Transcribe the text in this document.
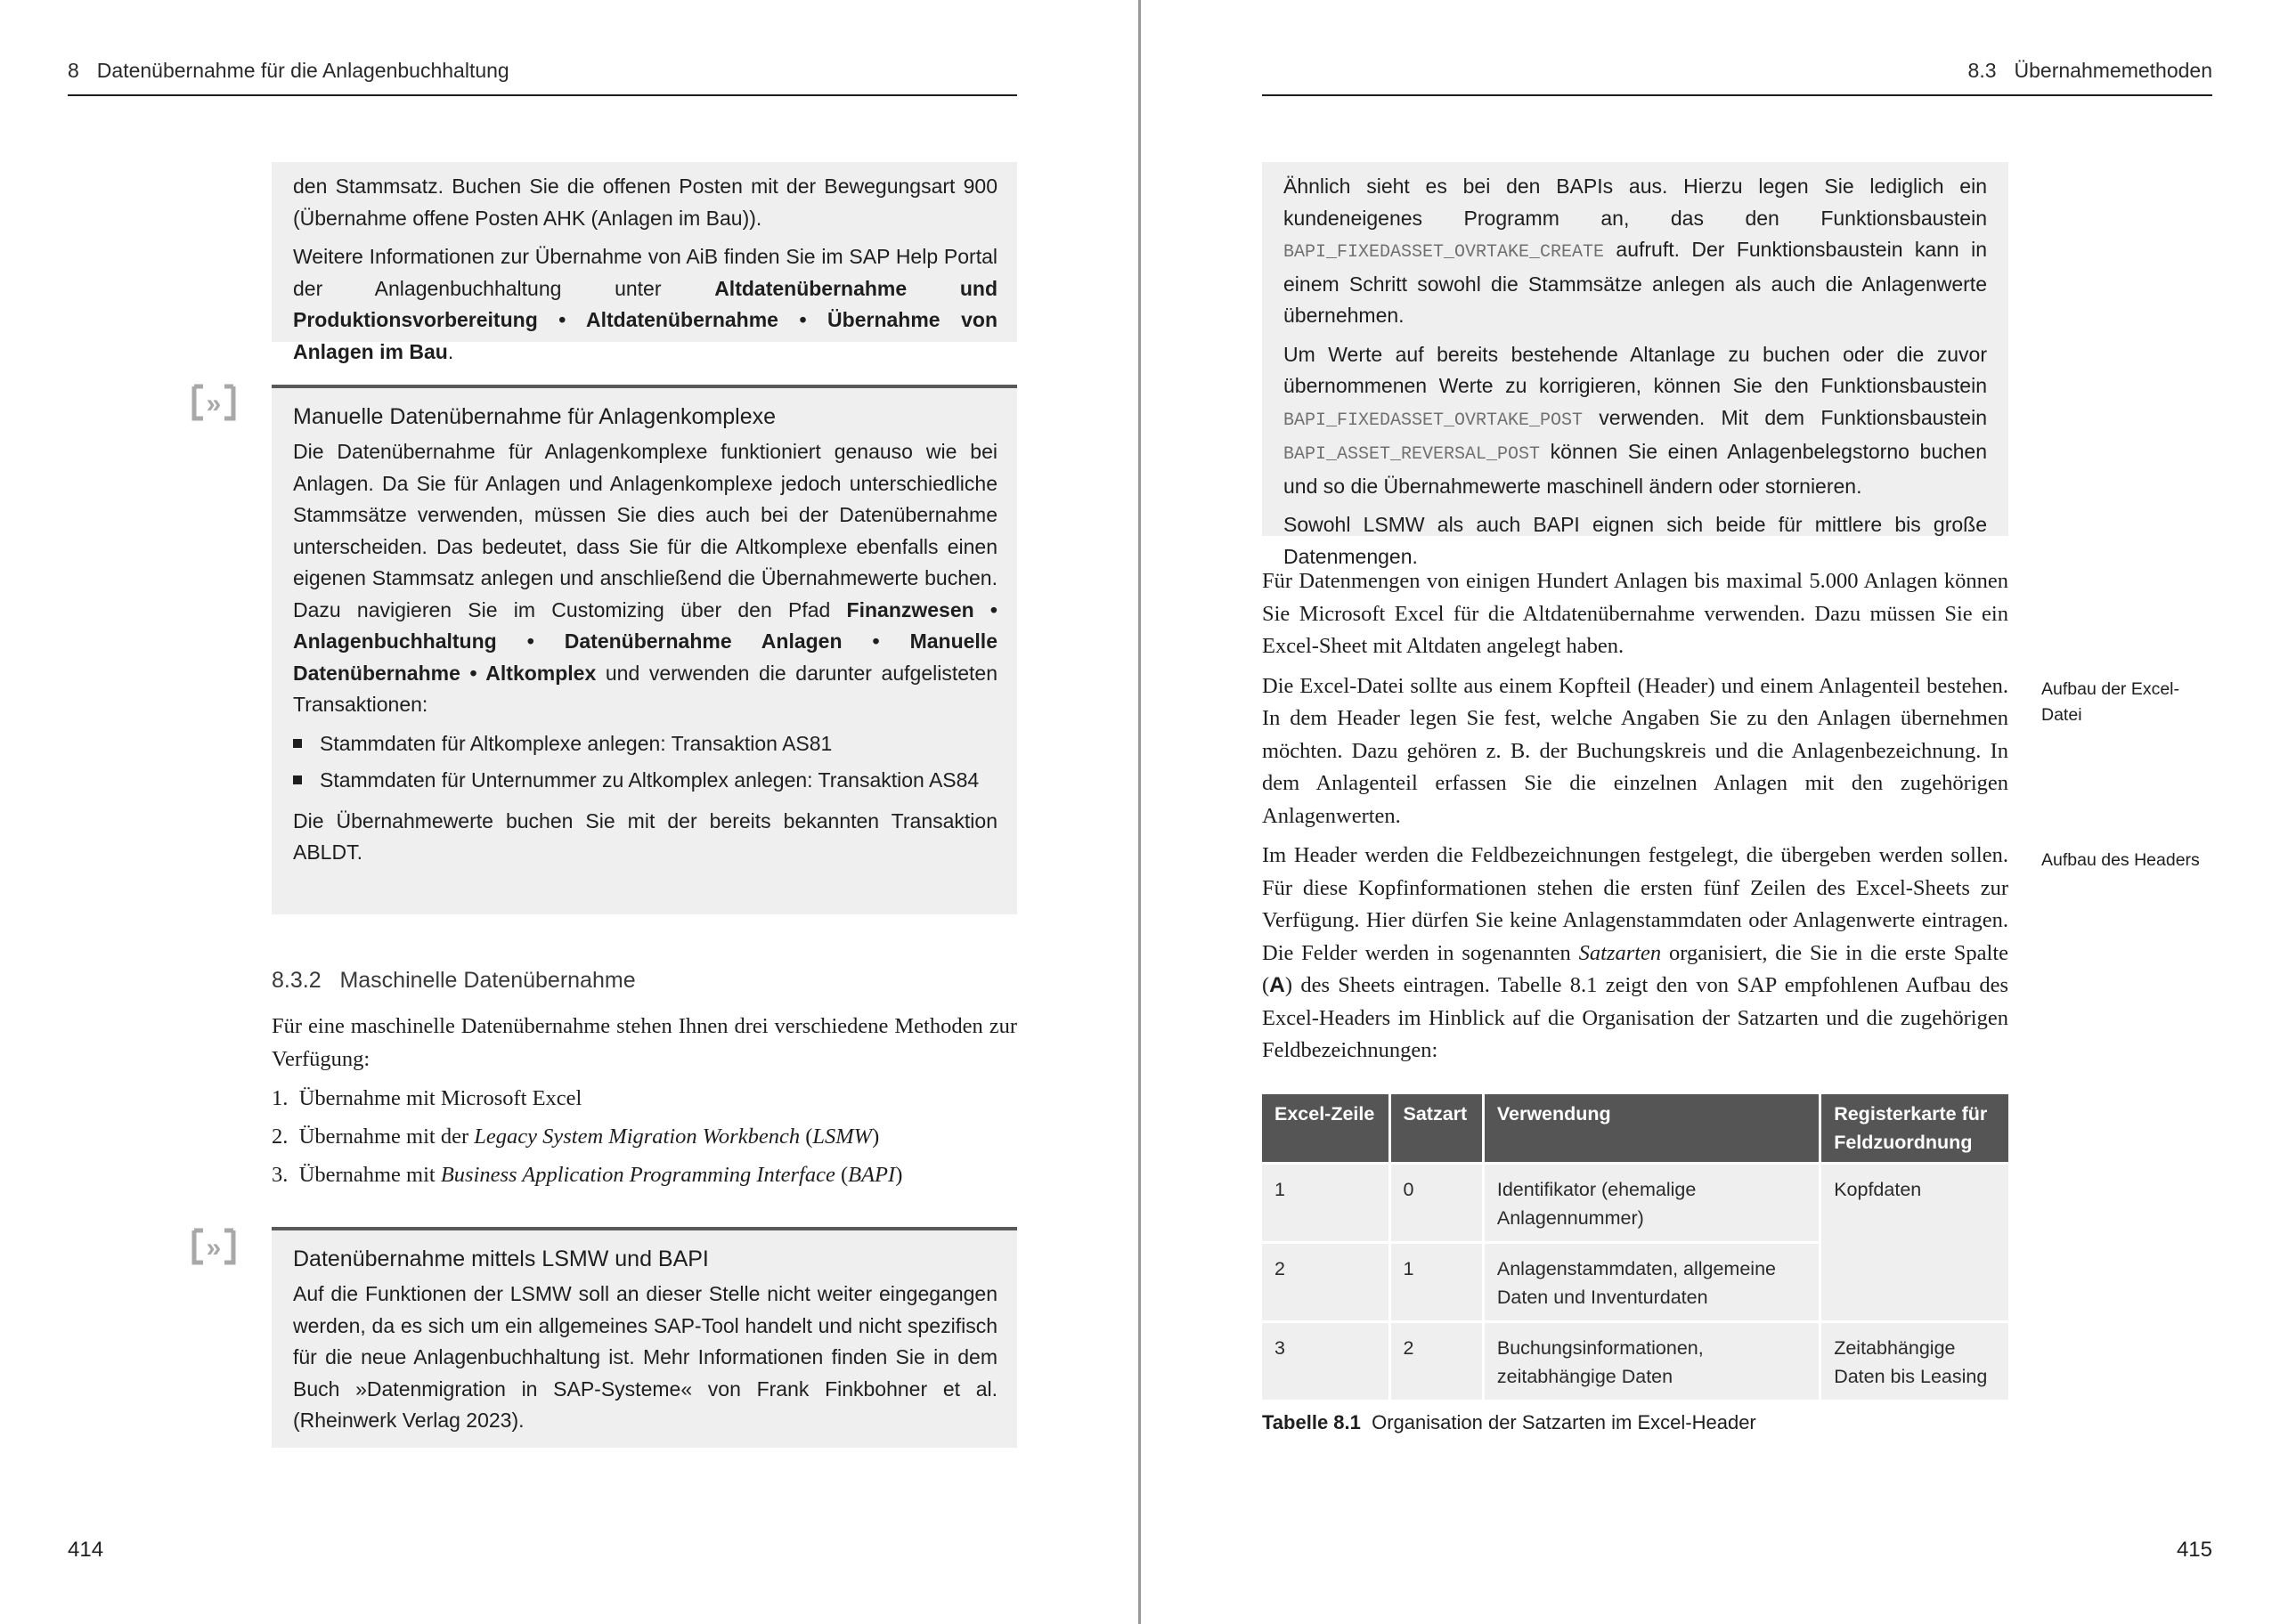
8 Datenübernahme für die Anlagenbuchhaltung

den Stammsatz. Buchen Sie die offenen Posten mit der Bewegungsart 900 (Übernahme offene Posten AHK (Anlagen im Bau)).

Weitere Informationen zur Übernahme von AiB finden Sie im SAP Help Portal der Anlagenbuchhaltung unter Altdatenübernahme und Produktionsvorbereitung • Altdatenübernahme • Übernahme von Anlagen im Bau.

»	Manuelle Datenübernahme für Anlagenkomplexe

Die Datenübernahme für Anlagenkomplexe funktioniert genauso wie bei Anlagen. Da Sie für Anlagen und Anlagenkomplexe jedoch unterschiedliche Stammsätze verwenden, müssen Sie dies auch bei der Datenübernahme unterscheiden. Das bedeutet, dass Sie für die Altkomplexe ebenfalls einen eigenen Stammsatz anlegen und anschließend die Übernahmewerte buchen. Dazu navigieren Sie im Customizing über den Pfad Finanzwesen • Anlagenbuchhaltung • Datenübernahme Anlagen • Manuelle Datenübernahme • Altkomplex und verwenden die darunter aufgelisteten Transaktionen:

Stammdaten für Altkomplexe anlegen: Transaktion AS81
Stammdaten für Unternummer zu Altkomplex anlegen: Transaktion AS84

Die Übernahmewerte buchen Sie mit der bereits bekannten Transaktion ABLDT.

8.3.2 Maschinelle Datenübernahme

Für eine maschinelle Datenübernahme stehen Ihnen drei verschiedene Methoden zur Verfügung:

1. Übernahme mit Microsoft Excel
2. Übernahme mit der Legacy System Migration Workbench (LSMW)
3. Übernahme mit Business Application Programming Interface (BAPI)
»	Datenübernahme mittels LSMW und BAPI

Auf die Funktionen der LSMW soll an dieser Stelle nicht weiter eingegangen werden, da es sich um ein allgemeines SAP-Tool handelt und nicht spezifisch für die neue Anlagenbuchhaltung ist. Mehr Informationen finden Sie in dem Buch »Datenmigration in SAP-Systeme« von Frank Finkbohner et al. (Rheinwerk Verlag 2023).

414
8.3 Übernahmemethoden

Ähnlich sieht es bei den BAPIs aus. Hierzu legen Sie lediglich ein kundeneigenes Programm an, das den Funktionsbaustein BAPI_FIXEDASSET_OVRTAKE_CREATE aufruft. Der Funktionsbaustein kann in einem Schritt sowohl die Stammsätze anlegen als auch die Anlagenwerte übernehmen.

Um Werte auf bereits bestehende Altanlage zu buchen oder die zuvor übernommenen Werte zu korrigieren, können Sie den Funktionsbaustein BAPI_FIXEDASSET_OVRTAKE_POST verwenden. Mit dem Funktionsbaustein BAPI_ASSET_REVERSAL_POST können Sie einen Anlagenbelegstorno buchen und so die Übernahmewerte maschinell ändern oder stornieren.

Sowohl LSMW als auch BAPI eignen sich beide für mittlere bis große Datenmengen.

Für Datenmengen von einigen Hundert Anlagen bis maximal 5.000 Anlagen können Sie Microsoft Excel für die Altdatenübernahme verwenden. Dazu müssen Sie ein Excel-Sheet mit Altdaten angelegt haben.

Die Excel-Datei sollte aus einem Kopfteil (Header) und einem Anlagenteil bestehen. In dem Header legen Sie fest, welche Angaben Sie zu den Anlagen übernehmen möchten. Dazu gehören z. B. der Buchungskreis und die Anlagenbezeichnung. In dem Anlagenteil erfassen Sie die einzelnen Anlagen mit den zugehörigen Anlagenwerten.

Im Header werden die Feldbezeichnungen festgelegt, die übergeben werden sollen. Für diese Kopfinformationen stehen die ersten fünf Zeilen des Excel-Sheets zur Verfügung. Hier dürfen Sie keine Anlagenstammdaten oder Anlagenwerte eintragen. Die Felder werden in sogenannten Satzarten organisiert, die Sie in die erste Spalte (A) des Sheets eintragen. Tabelle 8.1 zeigt den von SAP empfohlenen Aufbau des Excel-Headers im Hinblick auf die Organisation der Satzarten und die zugehörigen Feldbezeichnungen:

Aufbau der Excel-Datei
Aufbau des Headers
Excel-Zeile	Satzart	Verwendung	Registerkarte für Feldzuordnung
1	0	Identifikator (ehemalige Anlagennummer)	Kopfdaten
2	1	Anlagenstammdaten, allgemeine Daten und Inventurdaten	
3	2	Buchungsinformationen, zeitabhängige Daten	Zeitabhängige Daten bis Leasing
Tabelle 8.1 Organisation der Satzarten im Excel-Header
415
